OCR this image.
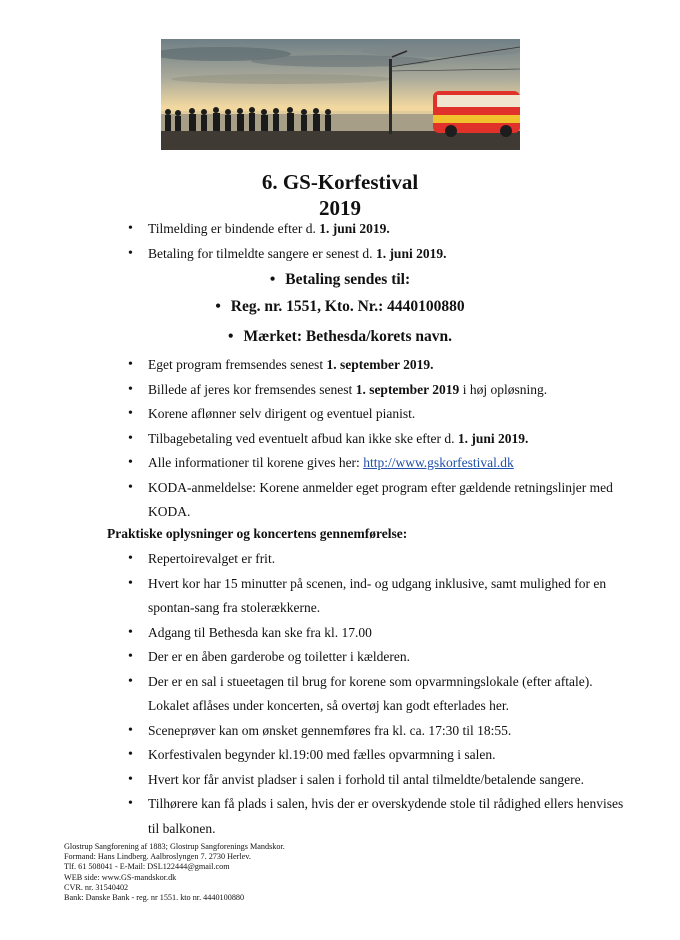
6. GS-Korfestival
2019
• Tilmelding er bindende efter d. 1. juni 2019.
• Betaling for tilmeldte sangere er senest d. 1. juni 2019.
• Betaling sendes til:
• Reg. nr. 1551, Kto. Nr.: 4440100880
• Mærket: Bethesda/korets navn.
• Eget program fremsendes senest 1. september 2019.
• Billede af jeres kor fremsendes senest 1. september 2019 i høj opløsning.
• Korene aflønner selv dirigent og eventuel pianist.
• Tilbagebetaling ved eventuelt afbud kan ikke ske efter d. 1. juni 2019.
• Alle informationer til korene gives her: http://www.gskorfestival.dk
• KODA-anmeldelse: Korene anmelder eget program efter gældende retningslinjer med KODA.
Praktiske oplysninger og koncertens gennemførelse:
• Repertoirevalget er frit.
• Hvert kor har 15 minutter på scenen, ind- og udgang inklusive, samt mulighed for en spontan-sang fra stolerækkerne.
• Adgang til Bethesda kan ske fra kl. 17.00
• Der er en åben garderobe og toiletter i kælderen.
• Der er en sal i stueetagen til brug for korene som opvarmningslokale (efter aftale). Lokalet aflåses under koncerten, så overtøj kan godt efterlades her.
• Sceneprøver kan om ønsket gennemføres fra kl. ca. 17:30 til 18:55.
• Korfestivalen begynder kl.19:00 med fælles opvarmning i salen.
• Hvert kor får anvist pladser i salen i forhold til antal tilmeldte/betalende sangere.
• Tilhørere kan få plads i salen, hvis der er overskydende stole til rådighed ellers henvises til balkonen.
Glostrup Sangforening af 1883; Glostrup Sangforenings Mandskor.
Formand: Hans Lindberg. Aalbroslyngen 7. 2730 Herlev.
Tlf. 61 508041 - E-Mail: DSL122444@gmail.com
WEB side: www.GS-mandskor.dk
CVR. nr. 31540402
Bank: Danske Bank - reg. nr 1551. kto nr. 4440100880
